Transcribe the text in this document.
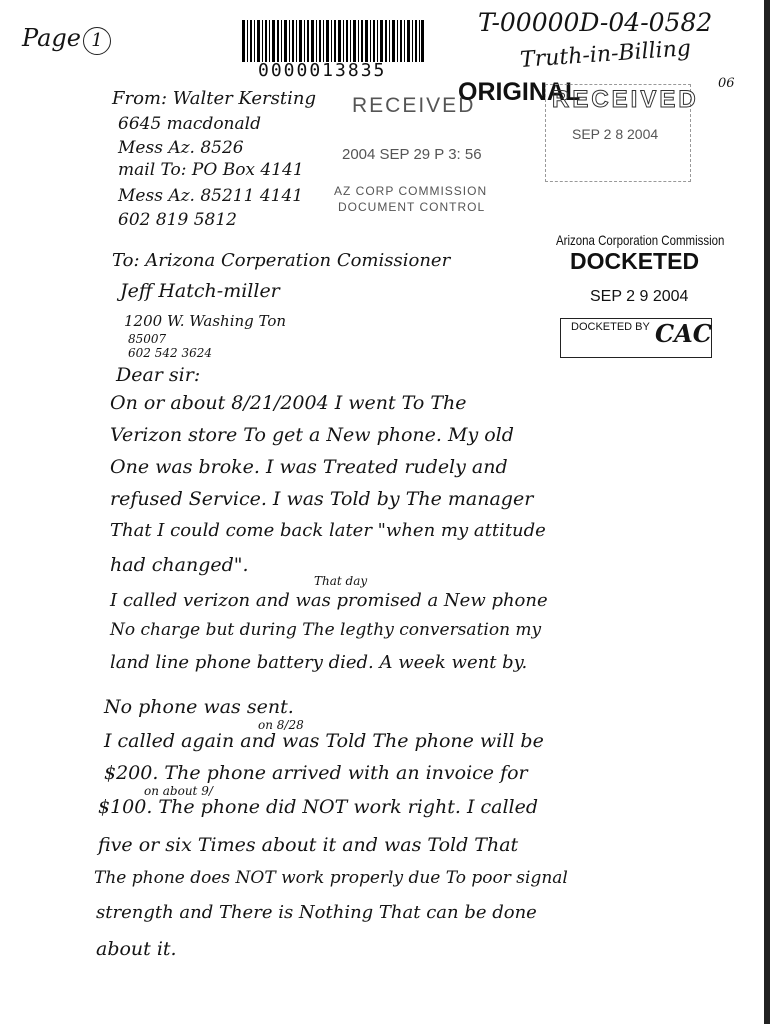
Page 1
0000013835
T-00000D-04-0582
Truth-in-Billing
06
RECEIVED
2004 SEP 29 P 3: 56
AZ CORP COMMISSION
DOCUMENT CONTROL
ORIGINAL
RECEIVED
SEP 2 8 2004
Arizona Corporation Commission
DOCKETED
SEP 2 9 2004
DOCKETED BY CAC
From: Walter Kersting
6645 macdonald
Mess Az. 8526
mail To: PO Box 4141
Mess Az. 85211 4141
602 819 5812
To: Arizona Corperation Comissioner
Jeff Hatch-miller
1200 W. Washing Ton
85007
602 542 3624
Dear sir:
On or about 8/21/2004 I went To The
Verizon store To get a New phone. My old
One was broke. I was Treated rudely and
refused Service. I was Told by The manager
That I could come back later "when my attitude
had changed".
That day
I called verizon and was promised a New phone
No charge but during The legthy conversation my
land line phone battery died. A week went by.
No phone was sent.
on 8/28
I called again and was Told The phone will be
$200. The phone arrived with an invoice for
on about 9/
$100. The phone did NOT work right. I called
five or six Times about it and was Told That
The phone does NOT work properly due To poor signal
strength and There is Nothing That can be done
about it.
